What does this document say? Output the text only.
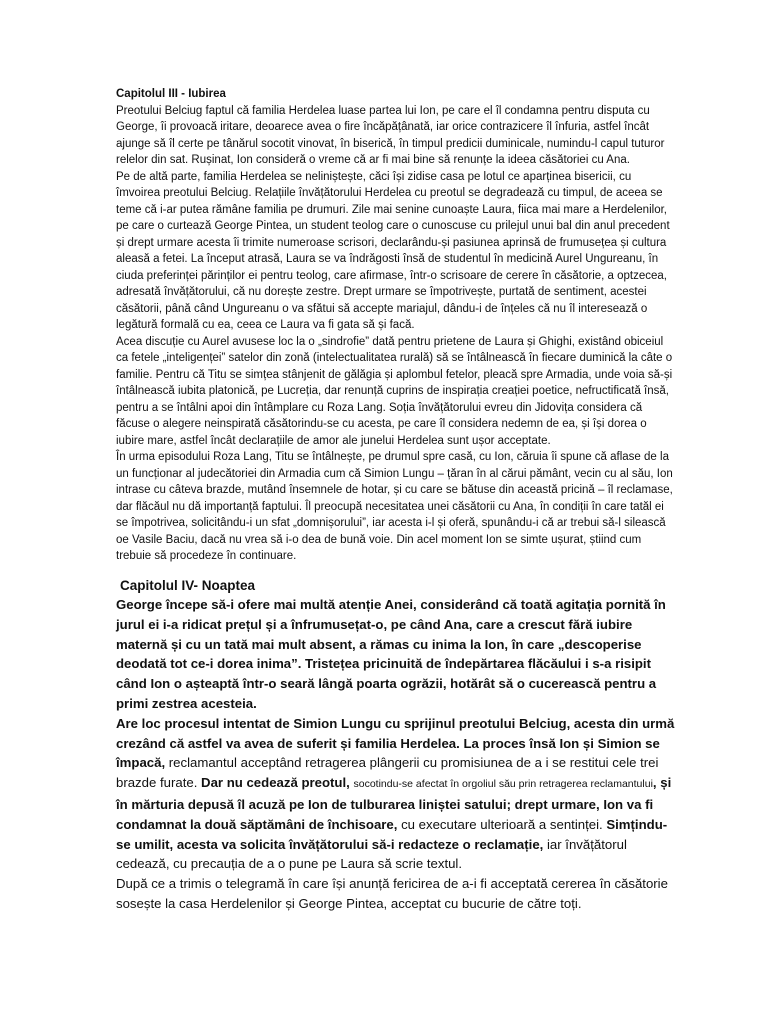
Capitolul III - Iubirea

Preotului Belciug faptul că familia Herdelea luase partea lui Ion, pe care el îl condamna pentru disputa cu George, îi provoacă iritare, deoarece avea o fire încăpățânată, iar orice contrazicere îl înfuria, astfel încât ajunge să îl certe pe tânărul socotit vinovat, în biserică, în timpul predicii duminicale, numindu-l capul tuturor relelor din sat. Rușinat, Ion consideră o vreme că ar fi mai bine să renunțe la ideea căsătoriei cu Ana.

Pe de altă parte, familia Herdelea se neliniștește, căci își zidise casa pe lotul ce aparținea bisericii, cu îmvoirea preotului Belciug. Relațiile învățătorului Herdelea cu preotul se degradează cu timpul, de aceea se teme că i-ar putea rămâne familia pe drumuri. Zile mai senine cunoaște Laura, fiica mai mare a Herdelenilor, pe care o curtează George Pintea, un student teolog care o cunoscuse cu prilejul unui bal din anul precedent și drept urmare acesta îi trimite numeroase scrisori, declarându-și pasiunea aprinsă de frumusețea și cultura aleasă a fetei. La început atrasă, Laura se va îndrăgosti însă de studentul în medicină Aurel Ungureanu, în ciuda preferinței părinților ei pentru teolog, care afirmase, într-o scrisoare de cerere în căsătorie, a optzecea, adresată învățătorului, că nu dorește zestre. Drept urmare se împotrivește, purtată de sentiment, acestei căsătorii, până când Ungureanu o va sfătui să accepte mariajul, dându-i de înțeles că nu îl interesează o legătură formală cu ea, ceea ce Laura va fi gata să și facă.

Acea discuție cu Aurel avusese loc la o „sindrofie” dată pentru prietene de Laura și Ghighi, existând obiceiul ca fetele „inteligenței” satelor din zonă (intelectualitatea rurală) să se întâlnească în fiecare duminică la câte o familie. Pentru că Titu se simțea stânjenit de gălăgia și aplombul fetelor, pleacă spre Armadia, unde voia să-și întâlnească iubita platonică, pe Lucreția, dar renunță cuprins de inspirația creației poetice, nefructificată însă, pentru a se întâlni apoi din întâmplare cu Roza Lang. Soția învățătorului evreu din Jidovița considera că făcuse o alegere neinspirată căsătorindu-se cu acesta, pe care îl considera nedemn de ea, și își dorea o iubire mare, astfel încât declarațiile de amor ale junelui Herdelea sunt ușor acceptate.

În urma episodului Roza Lang, Titu se întâlnește, pe drumul spre casă, cu Ion, căruia îi spune că aflase de la un funcționar al judecătoriei din Armadia cum că Simion Lungu – țăran în al cărui pământ, vecin cu al său, Ion intrase cu câteva brazde, mutând însemnele de hotar, și cu care se bătuse din această pricină – îl reclamase, dar flăcăul nu dă importanță faptului. Îl preocupă necesitatea unei căsătorii cu Ana, în condiții în care tatăl ei se împotrivea, solicitându-i un sfat „domnișorului”, iar acesta i-l și oferă, spunându-i că ar trebui să-l silească oe Vasile Baciu, dacă nu vrea să i-o dea de bună voie. Din acel moment Ion se simte ușurat, știind cum trebuie să procedeze în continuare.

Capitolul IV- Noaptea

George începe să-i ofere mai multă atenție Anei, considerând că toată agitația pornită în jurul ei i-a ridicat prețul și a înfrumusețat-o, pe când Ana, care a crescut fără iubire maternă și cu un tată mai mult absent, a rămas cu inima la Ion, în care „descoperise deodată tot ce-i dorea inima”. Tristețea pricinuită de îndepărtarea flăcăului i s-a risipit când Ion o așteaptă într-o seară lângă poarta ogrăzii, hotărât să o cucerească pentru a primi zestrea acesteia.

Are loc procesul intentat de Simion Lungu cu sprijinul preotului Belciug, acesta din urmă crezând că astfel va avea de suferit și familia Herdelea. La proces însă Ion și Simion se împacă, reclamantul acceptând retragerea plângerii cu promisiunea de a i se restitui cele trei brazde furate. Dar nu cedează preotul, socotindu-se afectat în orgoliul său prin retragerea reclamantului, și în mărturia depusă îl acuză pe Ion de tulburarea liniștei satului; drept urmare, Ion va fi condamnat la două săptămâni de închisoare, cu executare ulterioară a sentinței. Simțindu-se umilit, acesta va solicita învățătorului să-i redacteze o reclamație, iar învățătorul cedează, cu precauția de a o pune pe Laura să scrie textul.

După ce a trimis o telegramă în care își anunță fericirea de a-i fi acceptată cererea în căsătorie sosește la casa Herdelenilor și George Pintea, acceptat cu bucurie de către toți.
